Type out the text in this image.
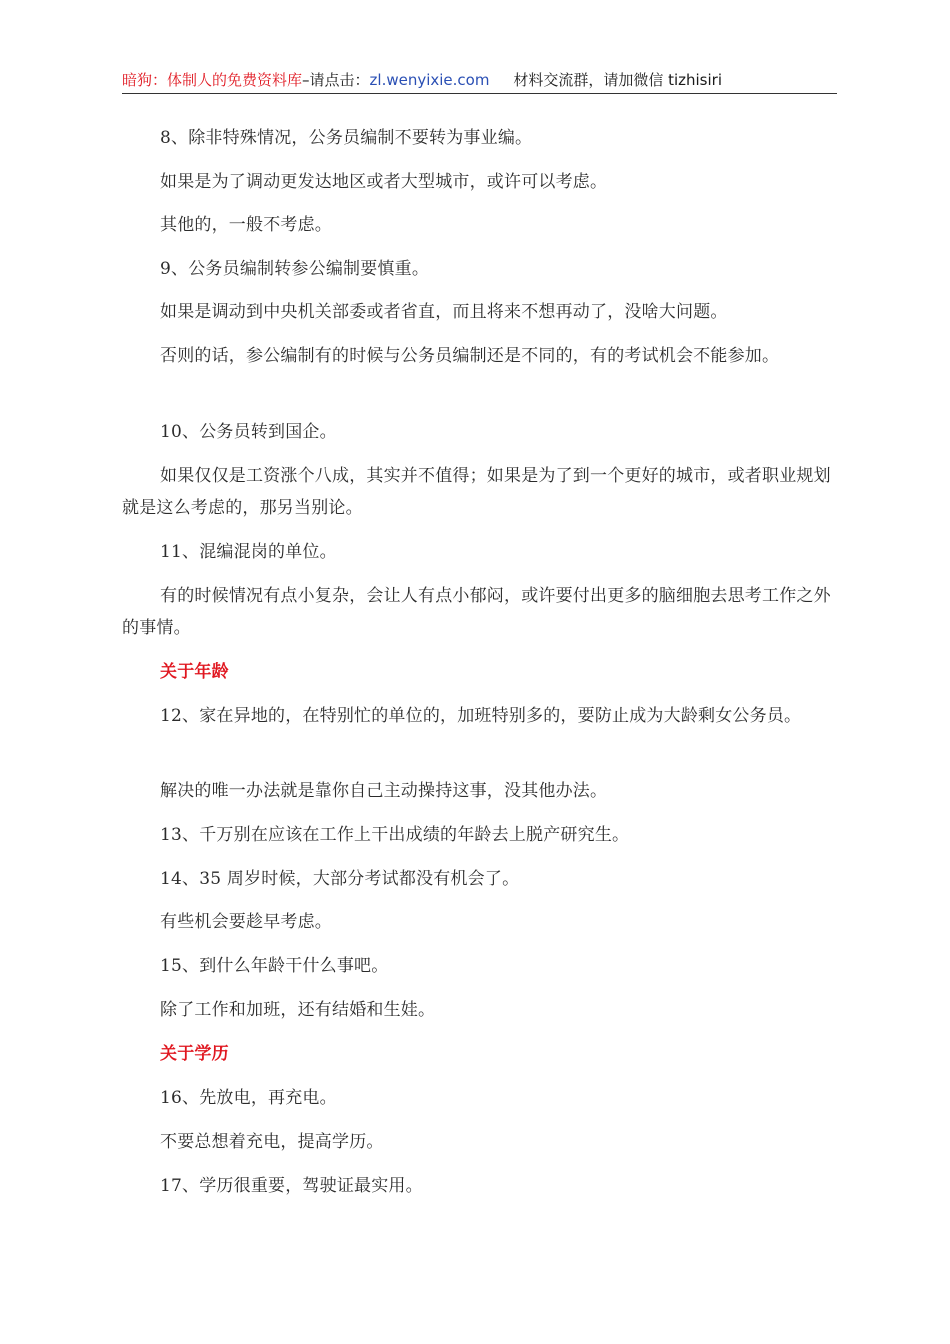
暗狗：体制人的免费资料库–请点击：zl.wenyixie.com 材料交流群，请加微信 tizhisiri

8、除非特殊情况，公务员编制不要转为事业编。

如果是为了调动更发达地区或者大型城市，或许可以考虑。

其他的，一般不考虑。

9、公务员编制转参公编制要慎重。

如果是调动到中央机关部委或者省直，而且将来不想再动了，没啥大问题。

否则的话，参公编制有的时候与公务员编制还是不同的，有的考试机会不能参加。

10、公务员转到国企。

如果仅仅是工资涨个八成，其实并不值得；如果是为了到一个更好的城市，或者职业规划就是这么考虑的，那另当别论。

11、混编混岗的单位。

有的时候情况有点小复杂，会让人有点小郁闷，或许要付出更多的脑细胞去思考工作之外的事情。

关于年龄

12、家在异地的，在特别忙的单位的，加班特别多的，要防止成为大龄剩女公务员。

解决的唯一办法就是靠你自己主动操持这事，没其他办法。

13、千万别在应该在工作上干出成绩的年龄去上脱产研究生。

14、35 周岁时候，大部分考试都没有机会了。

有些机会要趁早考虑。

15、到什么年龄干什么事吧。

除了工作和加班，还有结婚和生娃。

关于学历

16、先放电，再充电。

不要总想着充电，提高学历。

17、学历很重要，驾驶证最实用。
